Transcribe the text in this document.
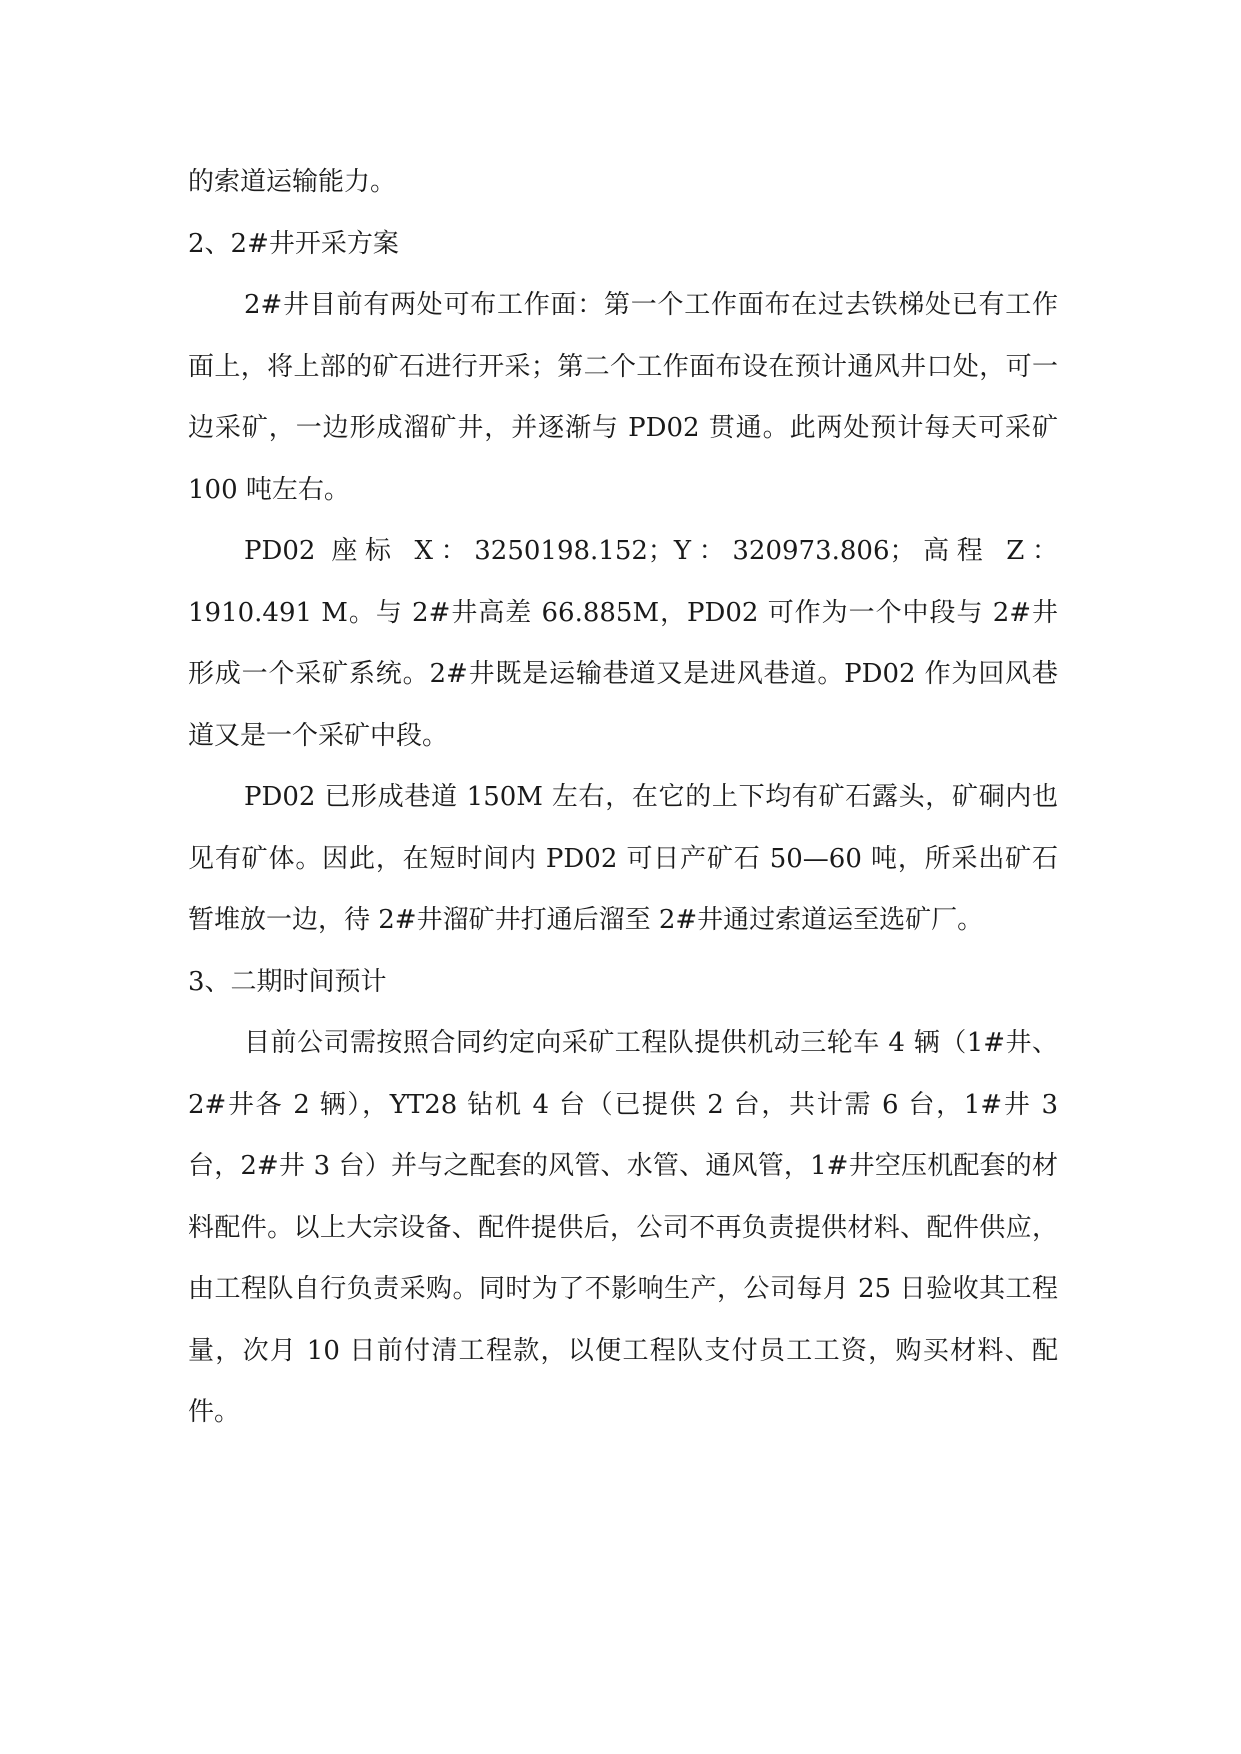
的索道运输能力。

2、2#井开采方案

2#井目前有两处可布工作面：第一个工作面布在过去铁梯处已有工作面上，将上部的矿石进行开采；第二个工作面布设在预计通风井口处，可一边采矿，一边形成溜矿井，并逐渐与 PD02 贯通。此两处预计每天可采矿 100 吨左右。

PD02 座标 X：3250198.152；Y：320973.806；高程 Z：1910.491 M。与 2#井高差 66.885M，PD02 可作为一个中段与 2#井形成一个采矿系统。2#井既是运输巷道又是进风巷道。PD02 作为回风巷道又是一个采矿中段。

PD02 已形成巷道 150M 左右，在它的上下均有矿石露头，矿硐内也见有矿体。因此，在短时间内 PD02 可日产矿石 50—60 吨，所采出矿石暂堆放一边，待 2#井溜矿井打通后溜至 2#井通过索道运至选矿厂。

3、二期时间预计

目前公司需按照合同约定向采矿工程队提供机动三轮车 4 辆（1#井、2#井各 2 辆），YT28 钻机 4 台（已提供 2 台，共计需 6 台，1#井 3 台，2#井 3 台）并与之配套的风管、水管、通风管，1#井空压机配套的材料配件。以上大宗设备、配件提供后，公司不再负责提供材料、配件供应，由工程队自行负责采购。同时为了不影响生产，公司每月 25 日验收其工程量，次月 10 日前付清工程款，以便工程队支付员工工资，购买材料、配件。
